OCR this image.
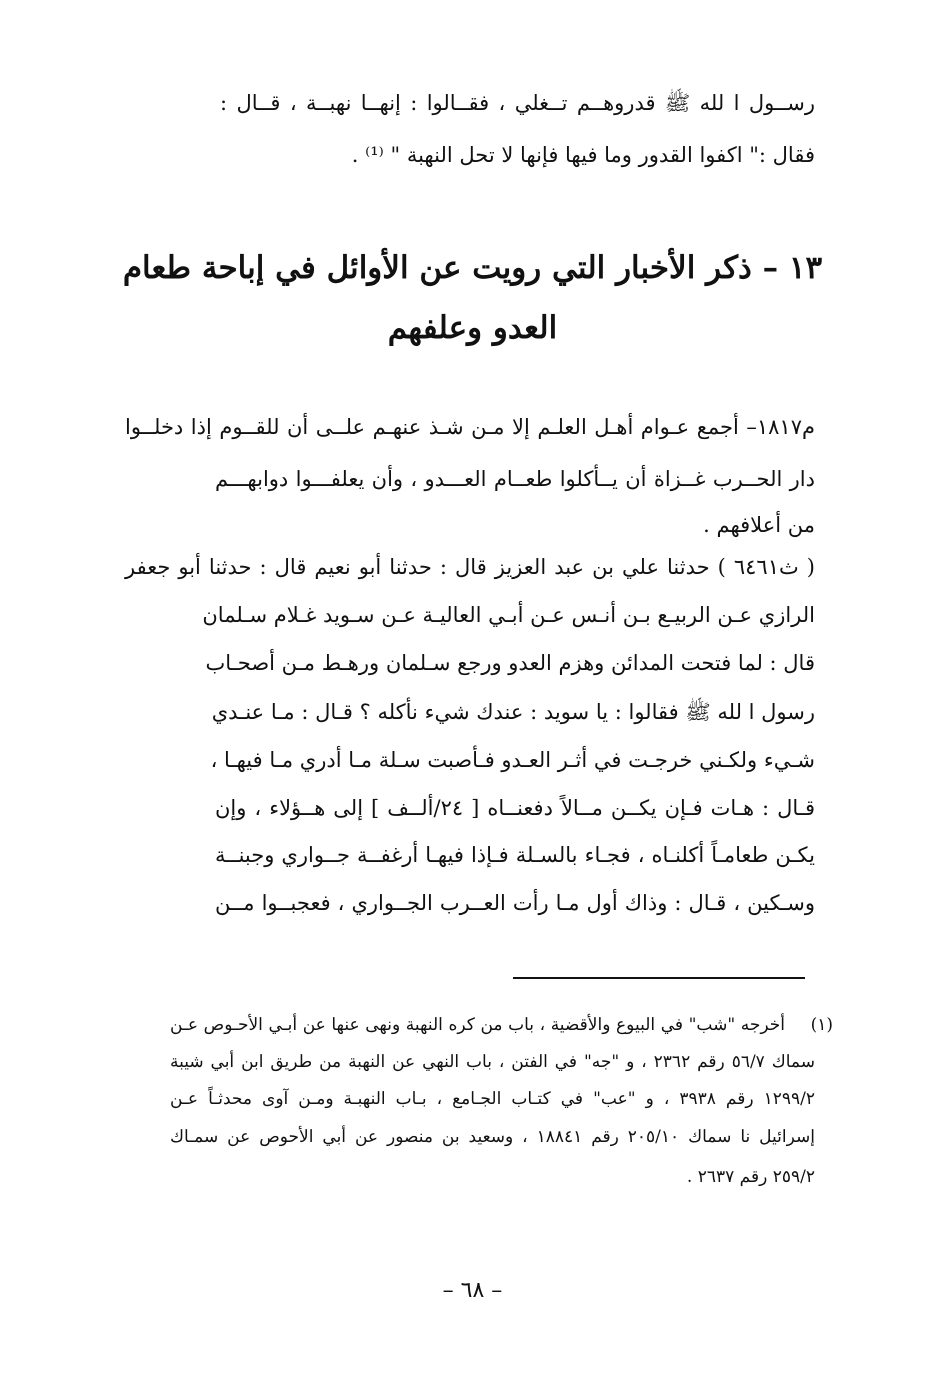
رســول ا لله ﷺ قدروهــم تــغلي ، فقــالوا : إنهــا نهبــة ، قــال :
فقال :" اكفوا القدور وما فيها فإنها لا تحل النهبة " ⁽¹⁾ .
١٣ – ذكر الأخبار التي رويت عن الأوائل في إباحة طعام
العدو وعلفهم
م١٨١٧– أجمع عـوام أهـل العلـم إلا مـن شـذ عنهـم علــى أن للقــوم إذا دخلــوا
دار الحــرب غــزاة أن يــأكلوا طعــام العـــدو ، وأن يعلفـــوا دوابهـــم
من أعلافهم .
( ث٦٤٦١ ) حدثنا علي بن عبد العزيز قال : حدثنا أبو نعيم قال : حدثنا أبو جعفر
الرازي عـن الربيـع بـن أنـس عـن أبـي العاليـة عـن سـويد غـلام سـلمان
قال : لما فتحت المدائن وهزم العدو ورجع سـلمان ورهـط مـن أصحـاب
رسول ا لله ﷺ فقالوا : يا سويد : عندك شيء نأكله ؟ قـال : مـا عنـدي
شـيء ولكـني خرجـت في أثـر العـدو فـأصبت سـلة مـا أدري مـا فيهـا ،
قـال : هـات فـإن يكــن مــالاً دفعنــاه [ ٢٤/ألــف ] إلى هــؤلاء ، وإن
يكـن طعامـاً أكلنـاه ، فجـاء بالسـلة فـإذا فيهـا أرغفــة جــواري وجبنــة
وسـكين ، قـال : وذاك أول مـا رأت العــرب الجــواري ، فعجبــوا مــن
(١)
أخرجه "شب" في البيوع والأقضية ، باب من كره النهبة ونهى عنها عن أبـي الأحـوص عـن
سماك ٥٦/٧ رقم ٢٣٦٢ ، و "جه" في الفتن ، باب النهي عن النهبة من طريق ابن أبي شيبة
١٢٩٩/٢ رقم ٣٩٣٨ ، و "عب" في كتـاب الجـامع ، بـاب النهبـة ومـن آوى محدثـاً عـن
إسرائيل نا سماك ٢٠٥/١٠ رقم ١٨٨٤١ ، وسعيد بن منصور عن أبي الأحوص عن سمـاك
٢٥٩/٢ رقم ٢٦٣٧ .
– ٦٨ –
